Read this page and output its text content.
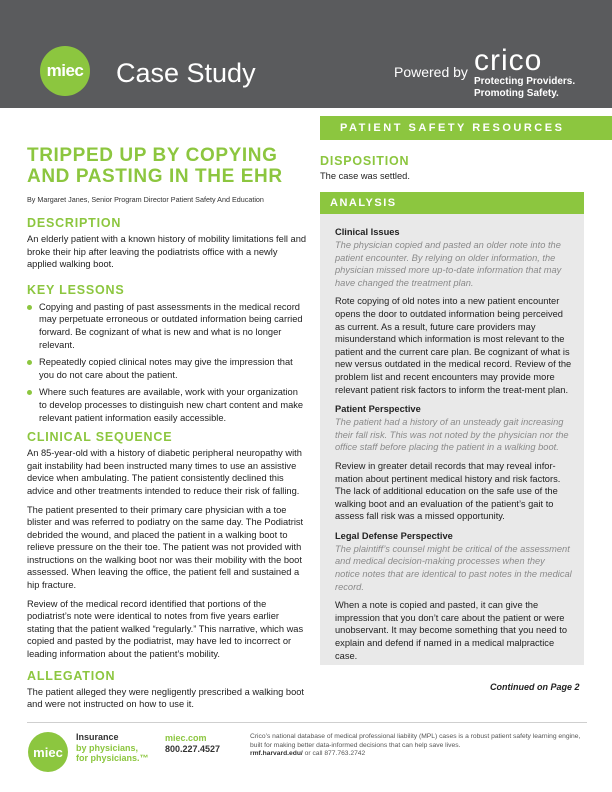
miec Case Study	Powered by crico
Protecting Providers.
Promoting Safety.
PATIENT SAFETY RESOURCES
TRIPPED UP BY COPYING
AND PASTING IN THE EHR
By Margaret Janes, Senior Program Director Patient Safety And Education
DESCRIPTION
An elderly patient with a known history of mobility limitations fell and broke their hip after leaving the podiatrists office with a newly applied walking boot.
KEY LESSONS
Copying and pasting of past assessments in the medical record may perpetuate erroneous or outdated information being carried forward. Be cognizant of what is new and what is no longer relevant.
Repeatedly copied clinical notes may give the impression that you do not care about the patient.
Where such features are available, work with your organization to develop processes to distinguish new chart content and make relevant patient information easily accessible.
CLINICAL SEQUENCE
An 85-year-old with a history of diabetic peripheral neuropathy with gait instability had been instructed many times to use an assistive device when ambulating. The patient consistently declined this advice and other treatments intended to reduce their risk of falling.
The patient presented to their primary care physician with a toe blister and was referred to podiatry on the same day. The Podiatrist debrided the wound, and placed the patient in a walking boot to relieve pressure on the their toe. The patient was not provided with instructions on the walking boot nor was their mobility with the boot assessed. When leaving the office, the patient fell and sustained a hip fracture.
Review of the medical record identified that portions of the podiatrist’s note were identical to notes from five years earlier stating that the patient walked “regularly.” This narrative, which was copied and pasted by the podiatrist, may have led to incorrect or leading information about the patient’s mobility.
ALLEGATION
The patient alleged they were negligently prescribed a walking boot and were not instructed on how to use it.
DISPOSITION
The case was settled.
ANALYSIS
Clinical Issues
The physician copied and pasted an older note into the patient encounter. By relying on older information, the physician missed more up-to-date information that may have changed the treatment plan.
Rote copying of old notes into a new patient encounter opens the door to outdated information being perceived as current. As a result, future care providers may misunderstand which information is most relevant to the patient and the current care plan. Be cognizant of what is new versus outdated in the medical record. Review of the problem list and recent encounters may provide more relevant patient risk factors to inform the treat-ment plan.
Patient Perspective
The patient had a history of an unsteady gait increasing their fall risk. This was not noted by the physician nor the office staff before placing the patient in a walking boot.
Review in greater detail records that may reveal infor-mation about pertinent medical history and risk factors. The lack of additional education on the safe use of the walking boot and an evaluation of the patient’s gait to assess fall risk was a missed opportunity.
Legal Defense Perspective
The plaintiff’s counsel might be critical of the assessment and medical decision-making processes when they notice notes that are identical to past notes in the medical record.
When a note is copied and pasted, it can give the impression that you don’t care about the patient or were unobservant. It may become something that you need to explain and defend if named in a medical malpractice case.
Continued on Page 2
miec
Insurance
by physicians,
for physicians.™
miec.com
800.227.4527
Crico’s national database of medical professional liability (MPL) cases is a robust patient safety learning engine, built for making better data-informed decisions that can help save lives.
rmf.harvard.edu/ or call 877.763.2742
